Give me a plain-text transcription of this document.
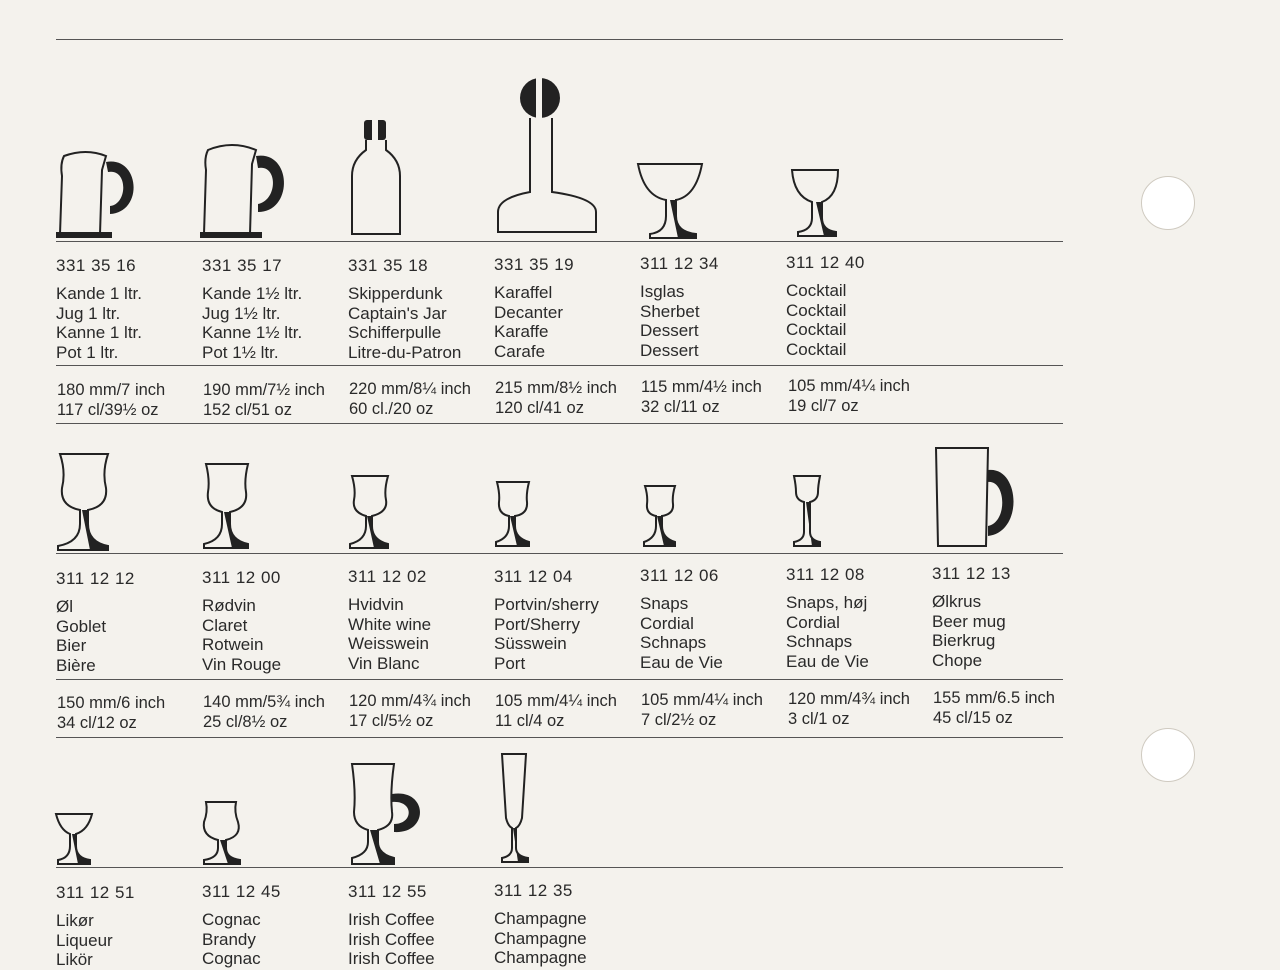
331 35 16
Kande 1 ltr.
Jug 1 ltr.
Kanne 1 ltr.
Pot 1 ltr.
331 35 17
Kande 1½ ltr.
Jug 1½ ltr.
Kanne 1½ ltr.
Pot 1½ ltr.
331 35 18
Skipperdunk
Captain's Jar
Schifferpulle
Litre-du-Patron
331 35 19
Karaffel
Decanter
Karaffe
Carafe
311 12 34
Isglas
Sherbet
Dessert
Dessert
311 12 40
Cocktail
Cocktail
Cocktail
Cocktail
180 mm/7 inch
117 cl/39½ oz
190 mm/7½ inch
152 cl/51 oz
220 mm/8¼ inch
60 cl./20 oz
215 mm/8½ inch
120 cl/41 oz
115 mm/4½ inch
32 cl/11 oz
105 mm/4¼ inch
19 cl/7 oz
311 12 12
Øl
Goblet
Bier
Bière
311 12 00
Rødvin
Claret
Rotwein
Vin Rouge
311 12 02
Hvidvin
White wine
Weisswein
Vin Blanc
311 12 04
Portvin/sherry
Port/Sherry
Süsswein
Port
311 12 06
Snaps
Cordial
Schnaps
Eau de Vie
311 12 08
Snaps, høj
Cordial
Schnaps
Eau de Vie
311 12 13
Ølkrus
Beer mug
Bierkrug
Chope
150 mm/6 inch
34 cl/12 oz
140 mm/5¾ inch
25 cl/8½ oz
120 mm/4¾ inch
17 cl/5½ oz
105 mm/4¼ inch
11 cl/4 oz
105 mm/4¼ inch
7 cl/2½ oz
120 mm/4¾ inch
3 cl/1 oz
155 mm/6.5 inch
45 cl/15 oz
311 12 51
Likør
Liqueur
Likör
311 12 45
Cognac
Brandy
Cognac
311 12 55
Irish Coffee
Irish Coffee
Irish Coffee
311 12 35
Champagne
Champagne
Champagne
